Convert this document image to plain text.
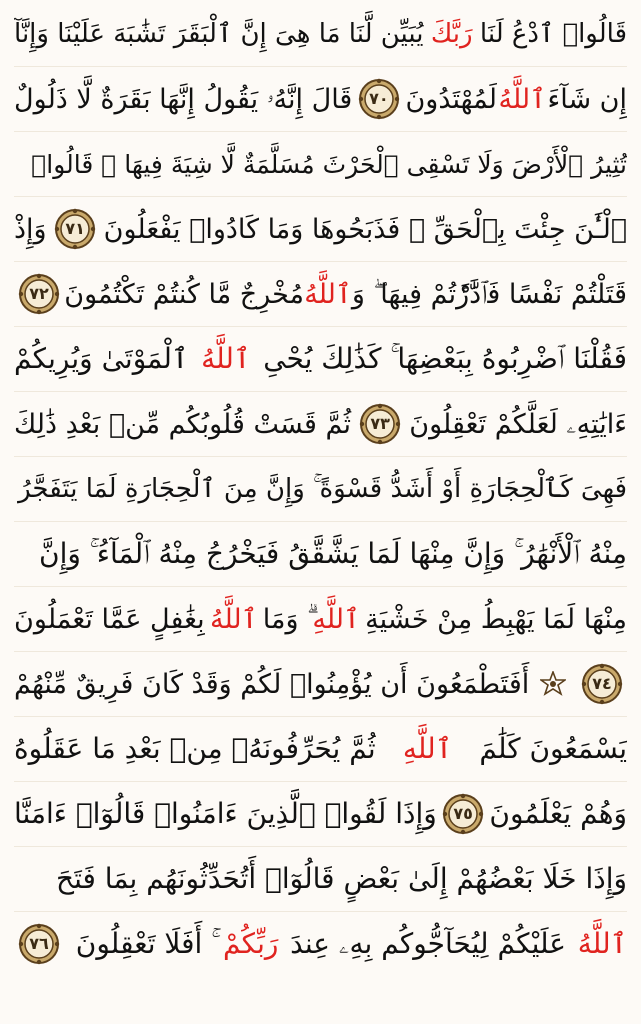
قَالُوا۟ ٱدْعُ لَنَا
رَبَّكَ
يُبَيِّن لَّنَا مَا هِىَ إِنَّ ٱلْبَقَرَ تَشَٰبَهَ عَلَيْنَا وَإِنَّآ
إِن شَآءَ
ٱللَّهُ
لَمُهْتَدُونَ
٧٠
قَالَ إِنَّهُۥ يَقُولُ إِنَّهَا بَقَرَةٌ لَّا ذَلُولٌ
تُثِيرُ ٱلْأَرْضَ وَلَا تَسْقِى ٱلْحَرْثَ مُسَلَّمَةٌ لَّا شِيَةَ فِيهَا ۚ قَالُوا۟
ٱلْـَٰٔنَ جِئْتَ بِٱلْحَقِّ ۚ فَذَبَحُوهَا وَمَا كَادُوا۟ يَفْعَلُونَ
٧١
وَإِذْ
قَتَلْتُمْ نَفْسًا فَٱدَّٰرَْٔتُمْ فِيهَا ۖ وَ
ٱللَّهُ
مُخْرِجٌ مَّا كُنتُمْ تَكْتُمُونَ
٧٢
فَقُلْنَا ٱضْرِبُوهُ بِبَعْضِهَا ۚ كَذَٰلِكَ يُحْىِ
ٱللَّهُ
ٱلْمَوْتَىٰ وَيُرِيكُمْ
ءَايَٰتِهِۦ لَعَلَّكُمْ تَعْقِلُونَ
٧٣
ثُمَّ قَسَتْ قُلُوبُكُم مِّنۢ بَعْدِ ذَٰلِكَ
فَهِىَ كَٱلْحِجَارَةِ أَوْ أَشَدُّ قَسْوَةً ۚ وَإِنَّ مِنَ ٱلْحِجَارَةِ لَمَا يَتَفَجَّرُ
مِنْهُ ٱلْأَنْهَٰرُ ۚ وَإِنَّ مِنْهَا لَمَا يَشَّقَّقُ فَيَخْرُجُ مِنْهُ ٱلْمَآءُ ۚ وَإِنَّ
مِنْهَا لَمَا يَهْبِطُ مِنْ خَشْيَةِ
ٱللَّهِ
ۗ وَمَا
ٱللَّهُ
بِغَٰفِلٍ عَمَّا تَعْمَلُونَ
٧٤
أَفَتَطْمَعُونَ أَن يُؤْمِنُوا۟ لَكُمْ وَقَدْ كَانَ فَرِيقٌ مِّنْهُمْ
يَسْمَعُونَ كَلَٰمَ
ٱللَّهِ
ثُمَّ يُحَرِّفُونَهُۥ مِنۢ بَعْدِ مَا عَقَلُوهُ
وَهُمْ يَعْلَمُونَ
٧٥
وَإِذَا لَقُوا۟ ٱلَّذِينَ ءَامَنُوا۟ قَالُوٓا۟ ءَامَنَّا
وَإِذَا خَلَا بَعْضُهُمْ إِلَىٰ بَعْضٍ قَالُوٓا۟ أَتُحَدِّثُونَهُم بِمَا فَتَحَ
ٱللَّهُ
عَلَيْكُمْ لِيُحَآجُّوكُم بِهِۦ عِندَ
رَبِّكُمْ
ۚ أَفَلَا تَعْقِلُونَ
٧٦
